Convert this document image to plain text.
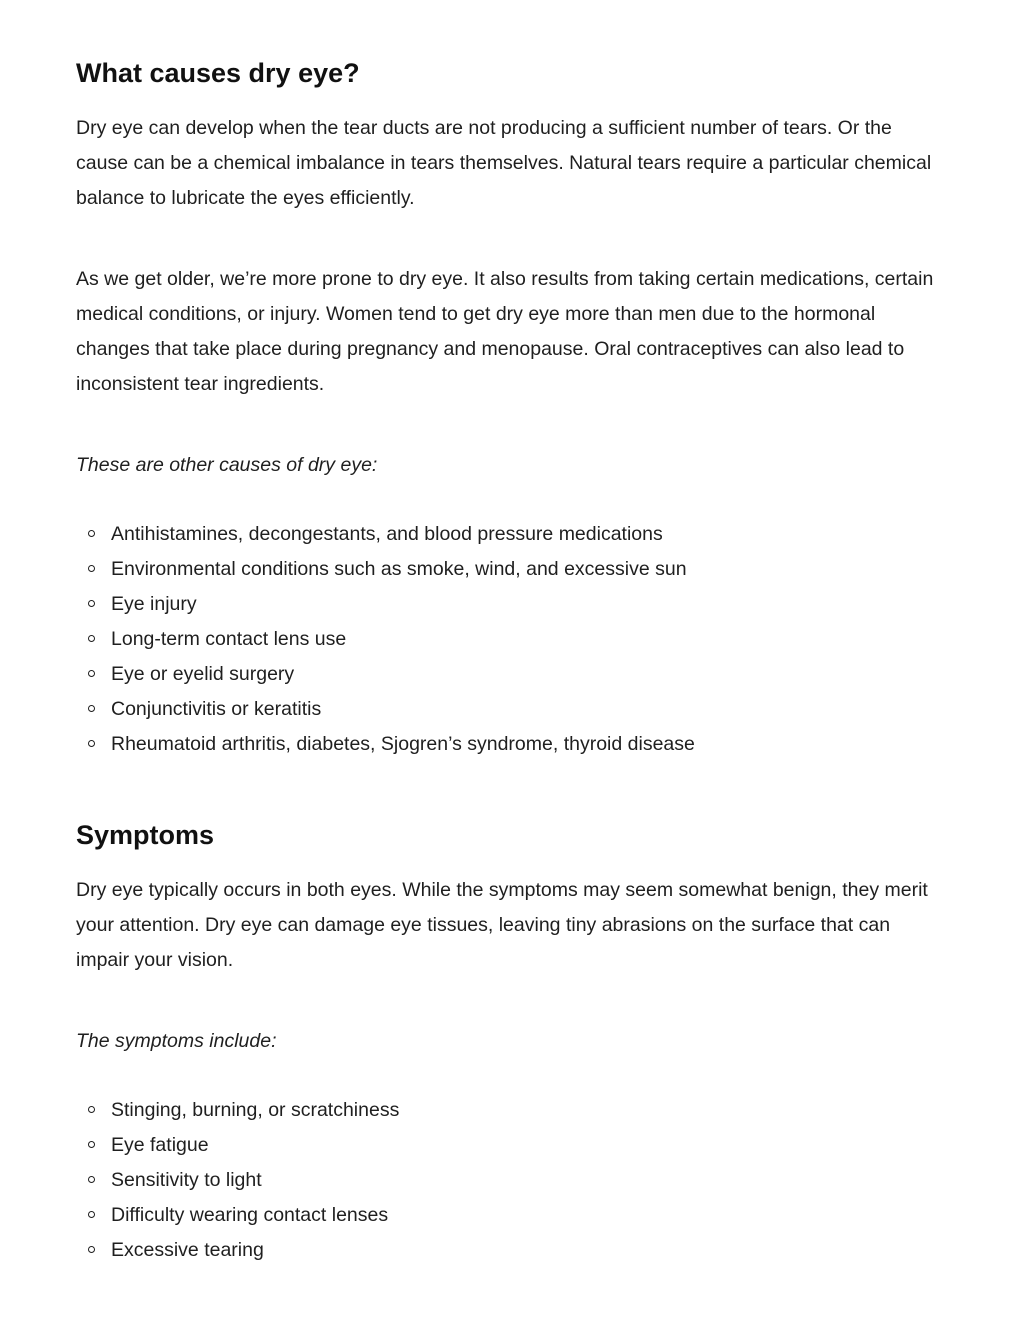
What causes dry eye?

Dry eye can develop when the tear ducts are not producing a sufficient number of tears. Or the cause can be a chemical imbalance in tears themselves. Natural tears require a particular chemical balance to lubricate the eyes efficiently.

As we get older, we’re more prone to dry eye. It also results from taking certain medications, certain medical conditions, or injury. Women tend to get dry eye more than men due to the hormonal changes that take place during pregnancy and menopause. Oral contraceptives can also lead to inconsistent tear ingredients.

These are other causes of dry eye:

Antihistamines, decongestants, and blood pressure medications
Environmental conditions such as smoke, wind, and excessive sun
Eye injury
Long-term contact lens use
Eye or eyelid surgery
Conjunctivitis or keratitis
Rheumatoid arthritis, diabetes, Sjogren’s syndrome, thyroid disease
Symptoms

Dry eye typically occurs in both eyes. While the symptoms may seem somewhat benign, they merit your attention. Dry eye can damage eye tissues, leaving tiny abrasions on the surface that can impair your vision.

The symptoms include:

Stinging, burning, or scratchiness
Eye fatigue
Sensitivity to light
Difficulty wearing contact lenses
Excessive tearing
